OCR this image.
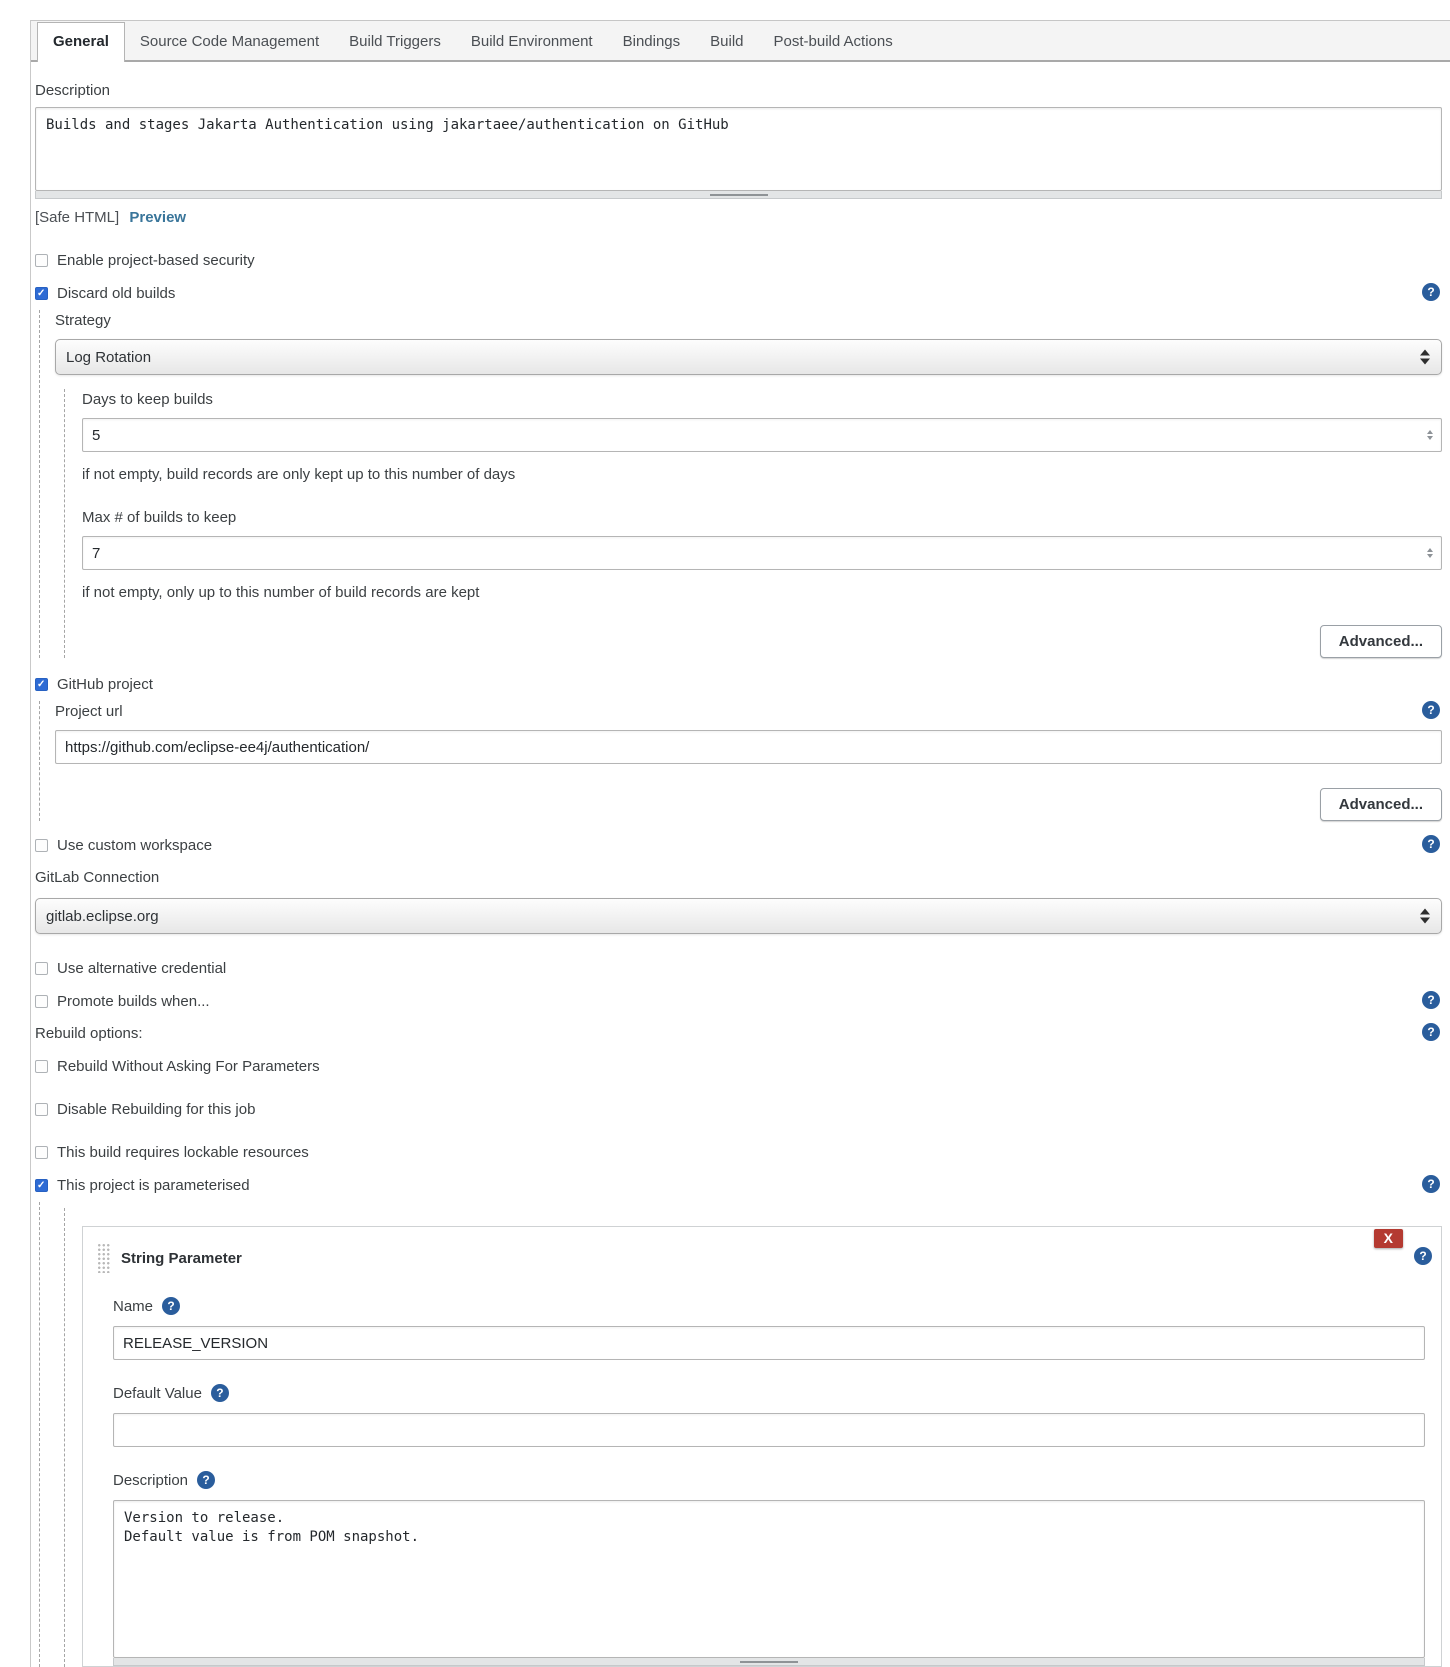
General	Source Code Management	Build Triggers	Build Environment	Bindings	Build	Post-build Actions
Description
Builds and stages Jakarta Authentication using jakartaee/authentication on GitHub
[Safe HTML] Preview
Enable project-based security
✓
Discard old builds	?
Strategy
Log Rotation
Days to keep builds
5
if not empty, build records are only kept up to this number of days
Max # of builds to keep
7
if not empty, only up to this number of build records are kept
Advanced...
✓
GitHub project
Project url	?
https://github.com/eclipse-ee4j/authentication/
Advanced...
Use custom workspace	?
GitLab Connection
gitlab.eclipse.org
Use alternative credential
Promote builds when...	?
Rebuild options:	?
Rebuild Without Asking For Parameters
Disable Rebuilding for this job
This build requires lockable resources
✓
This project is parameterised	?
X
?
String Parameter
Name	?
RELEASE_VERSION
Default Value	?
Description	?
Version to release. Default value is from POM snapshot.
